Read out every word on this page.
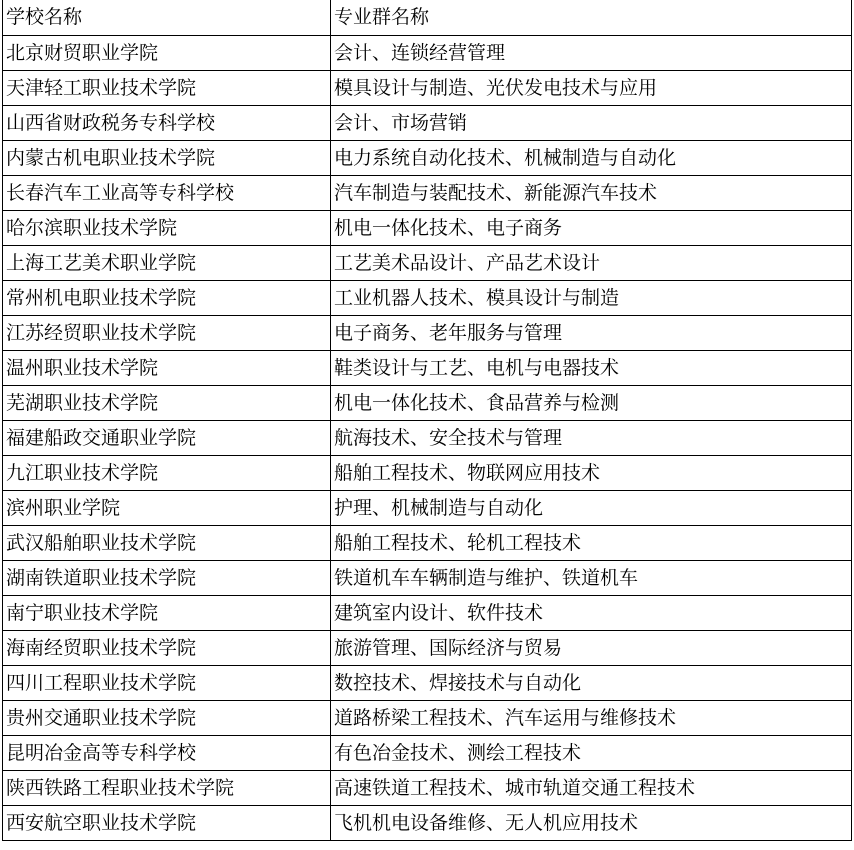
学校名称	专业群名称
北京财贸职业学院	会计、连锁经营管理
天津轻工职业技术学院	模具设计与制造、光伏发电技术与应用
山西省财政税务专科学校	会计、市场营销
内蒙古机电职业技术学院	电力系统自动化技术、机械制造与自动化
长春汽车工业高等专科学校	汽车制造与装配技术、新能源汽车技术
哈尔滨职业技术学院	机电一体化技术、电子商务
上海工艺美术职业学院	工艺美术品设计、产品艺术设计
常州机电职业技术学院	工业机器人技术、模具设计与制造
江苏经贸职业技术学院	电子商务、老年服务与管理
温州职业技术学院	鞋类设计与工艺、电机与电器技术
芜湖职业技术学院	机电一体化技术、食品营养与检测
福建船政交通职业学院	航海技术、安全技术与管理
九江职业技术学院	船舶工程技术、物联网应用技术
滨州职业学院	护理、机械制造与自动化
武汉船舶职业技术学院	船舶工程技术、轮机工程技术
湖南铁道职业技术学院	铁道机车车辆制造与维护、铁道机车
南宁职业技术学院	建筑室内设计、软件技术
海南经贸职业技术学院	旅游管理、国际经济与贸易
四川工程职业技术学院	数控技术、焊接技术与自动化
贵州交通职业技术学院	道路桥梁工程技术、汽车运用与维修技术
昆明冶金高等专科学校	有色冶金技术、测绘工程技术
陕西铁路工程职业技术学院	高速铁道工程技术、城市轨道交通工程技术
西安航空职业技术学院	飞机机电设备维修、无人机应用技术
